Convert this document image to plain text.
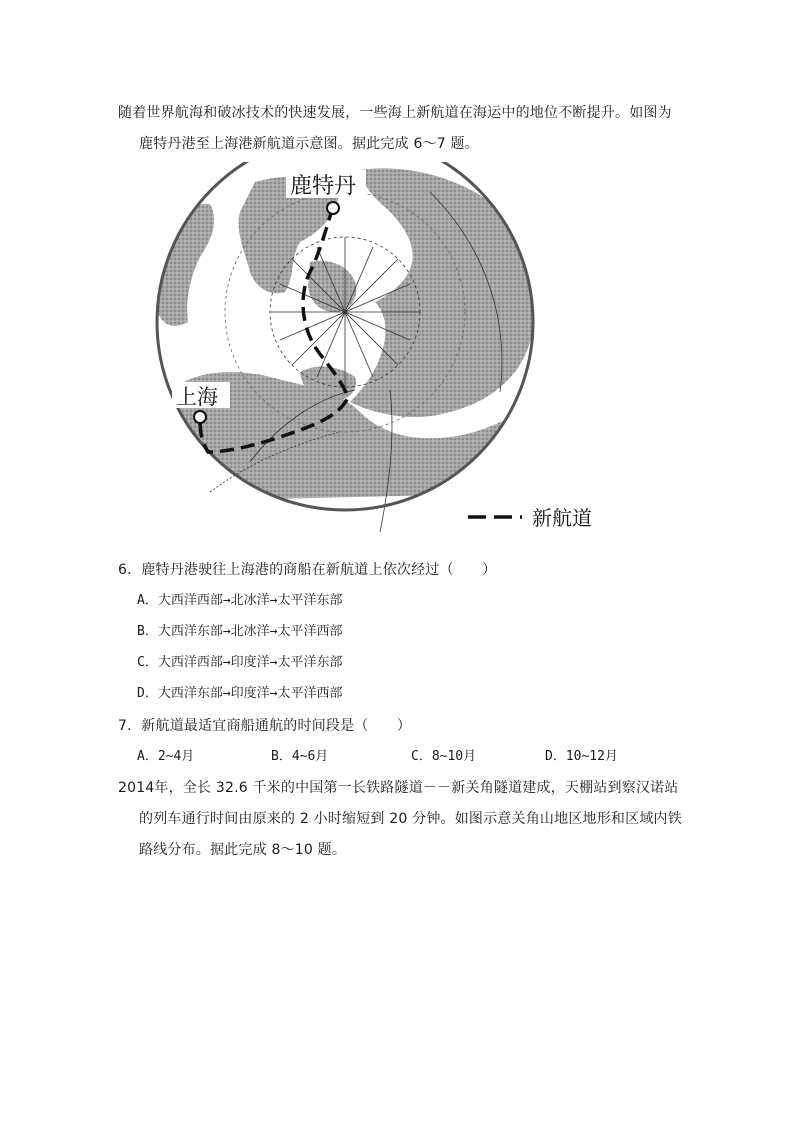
随着世界航海和破冰技术的快速发展，一些海上新航道在海运中的地位不断提升。如图为
鹿特丹港至上海港新航道示意图。据此完成 6～7 题。
鹿特丹
上海
新航道
6．鹿特丹港驶往上海港的商船在新航道上依次经过（　　）
A．大西洋西部→北冰洋→太平洋东部
B．大西洋东部→北冰洋→太平洋西部
C．大西洋西部→印度洋→太平洋东部
D．大西洋东部→印度洋→太平洋西部
7．新航道最适宜商船通航的时间段是（　　）
A．2~4月	B．4~6月	C．8~10月	D．10~12月
2014年，全长 32.6 千米的中国第一长铁路隧道－－新关角隧道建成，天棚站到察汉诺站
的列车通行时间由原来的 2 小时缩短到 20 分钟。如图示意关角山地区地形和区域内铁
路线分布。据此完成 8～10 题。
